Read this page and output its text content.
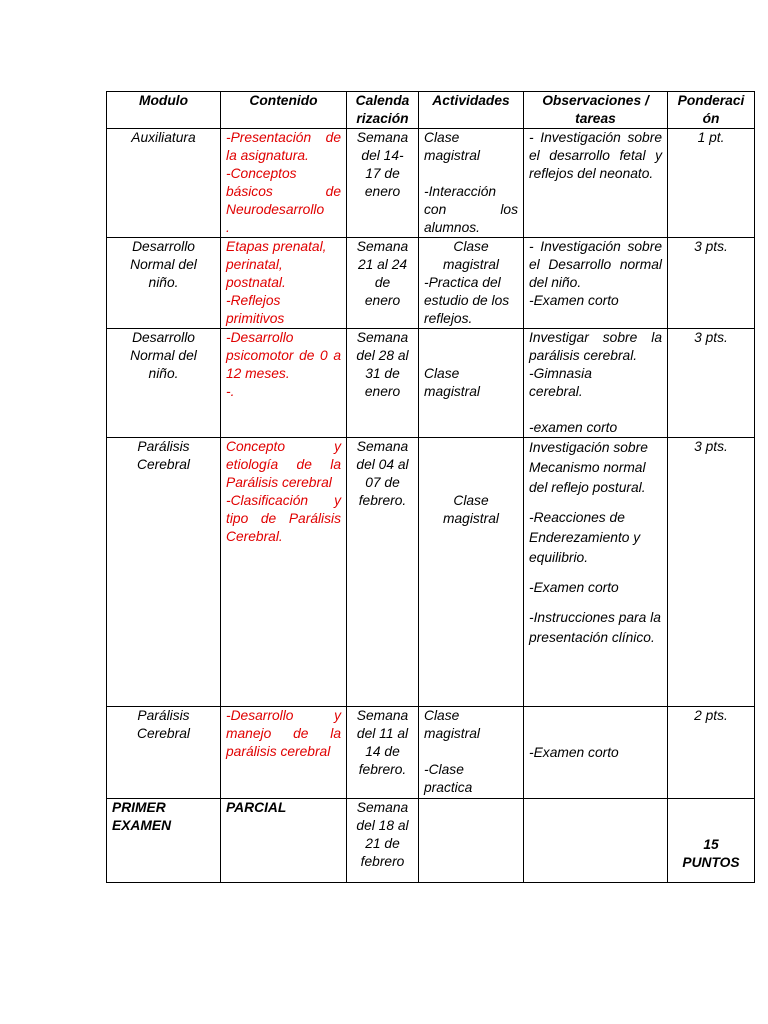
Modulo	Contenido	Calenda
rización	Actividades	Observaciones /
tareas	Ponderaci
ón

Auxiliatura	-Presentación de la asignatura.
-Conceptos básicos de Neurodesarrollo
.	Semana
del 14-
17 de
enero	Clase magistral
-Interacción con los alumnos.	- Investigación sobre el desarrollo fetal y reflejos del neonato.	1 pt.

Desarrollo
Normal del
niño.	Etapas prenatal,
perinatal,
postnatal.
-Reflejos
primitivos	Semana
21 al 24
de
enero	Clase magistral
-Practica del estudio de los reflejos.	- Investigación sobre el Desarrollo normal del niño.
-Examen corto	3 pts.

Desarrollo
Normal del
niño.	-Desarrollo psicomotor de 0 a 12 meses.
-.	Semana
del 28 al
31 de
enero	Clase
magistral	Investigar sobre la parálisis cerebral.
-Gimnasia
cerebral.
-examen corto	3 pts.

Parálisis
Cerebral	Concepto y etiología de la Parálisis cerebral
-Clasificación y tipo de Parálisis Cerebral.	Semana
del 04 al
07 de
febrero.	Clase
magistral	Investigación sobre Mecanismo normal del reflejo postural.
-Reacciones de Enderezamiento y equilibrio.
-Examen corto
-Instrucciones para la presentación clínico.	3 pts.

Parálisis
Cerebral	-Desarrollo y manejo de la parálisis cerebral	Semana
del 11 al
14 de
febrero.	Clase
magistral
-Clase
practica	-Examen corto	2 pts.

PRIMER
EXAMEN	PARCIAL	Semana
del 18 al
21 de
febrero			15
PUNTOS
